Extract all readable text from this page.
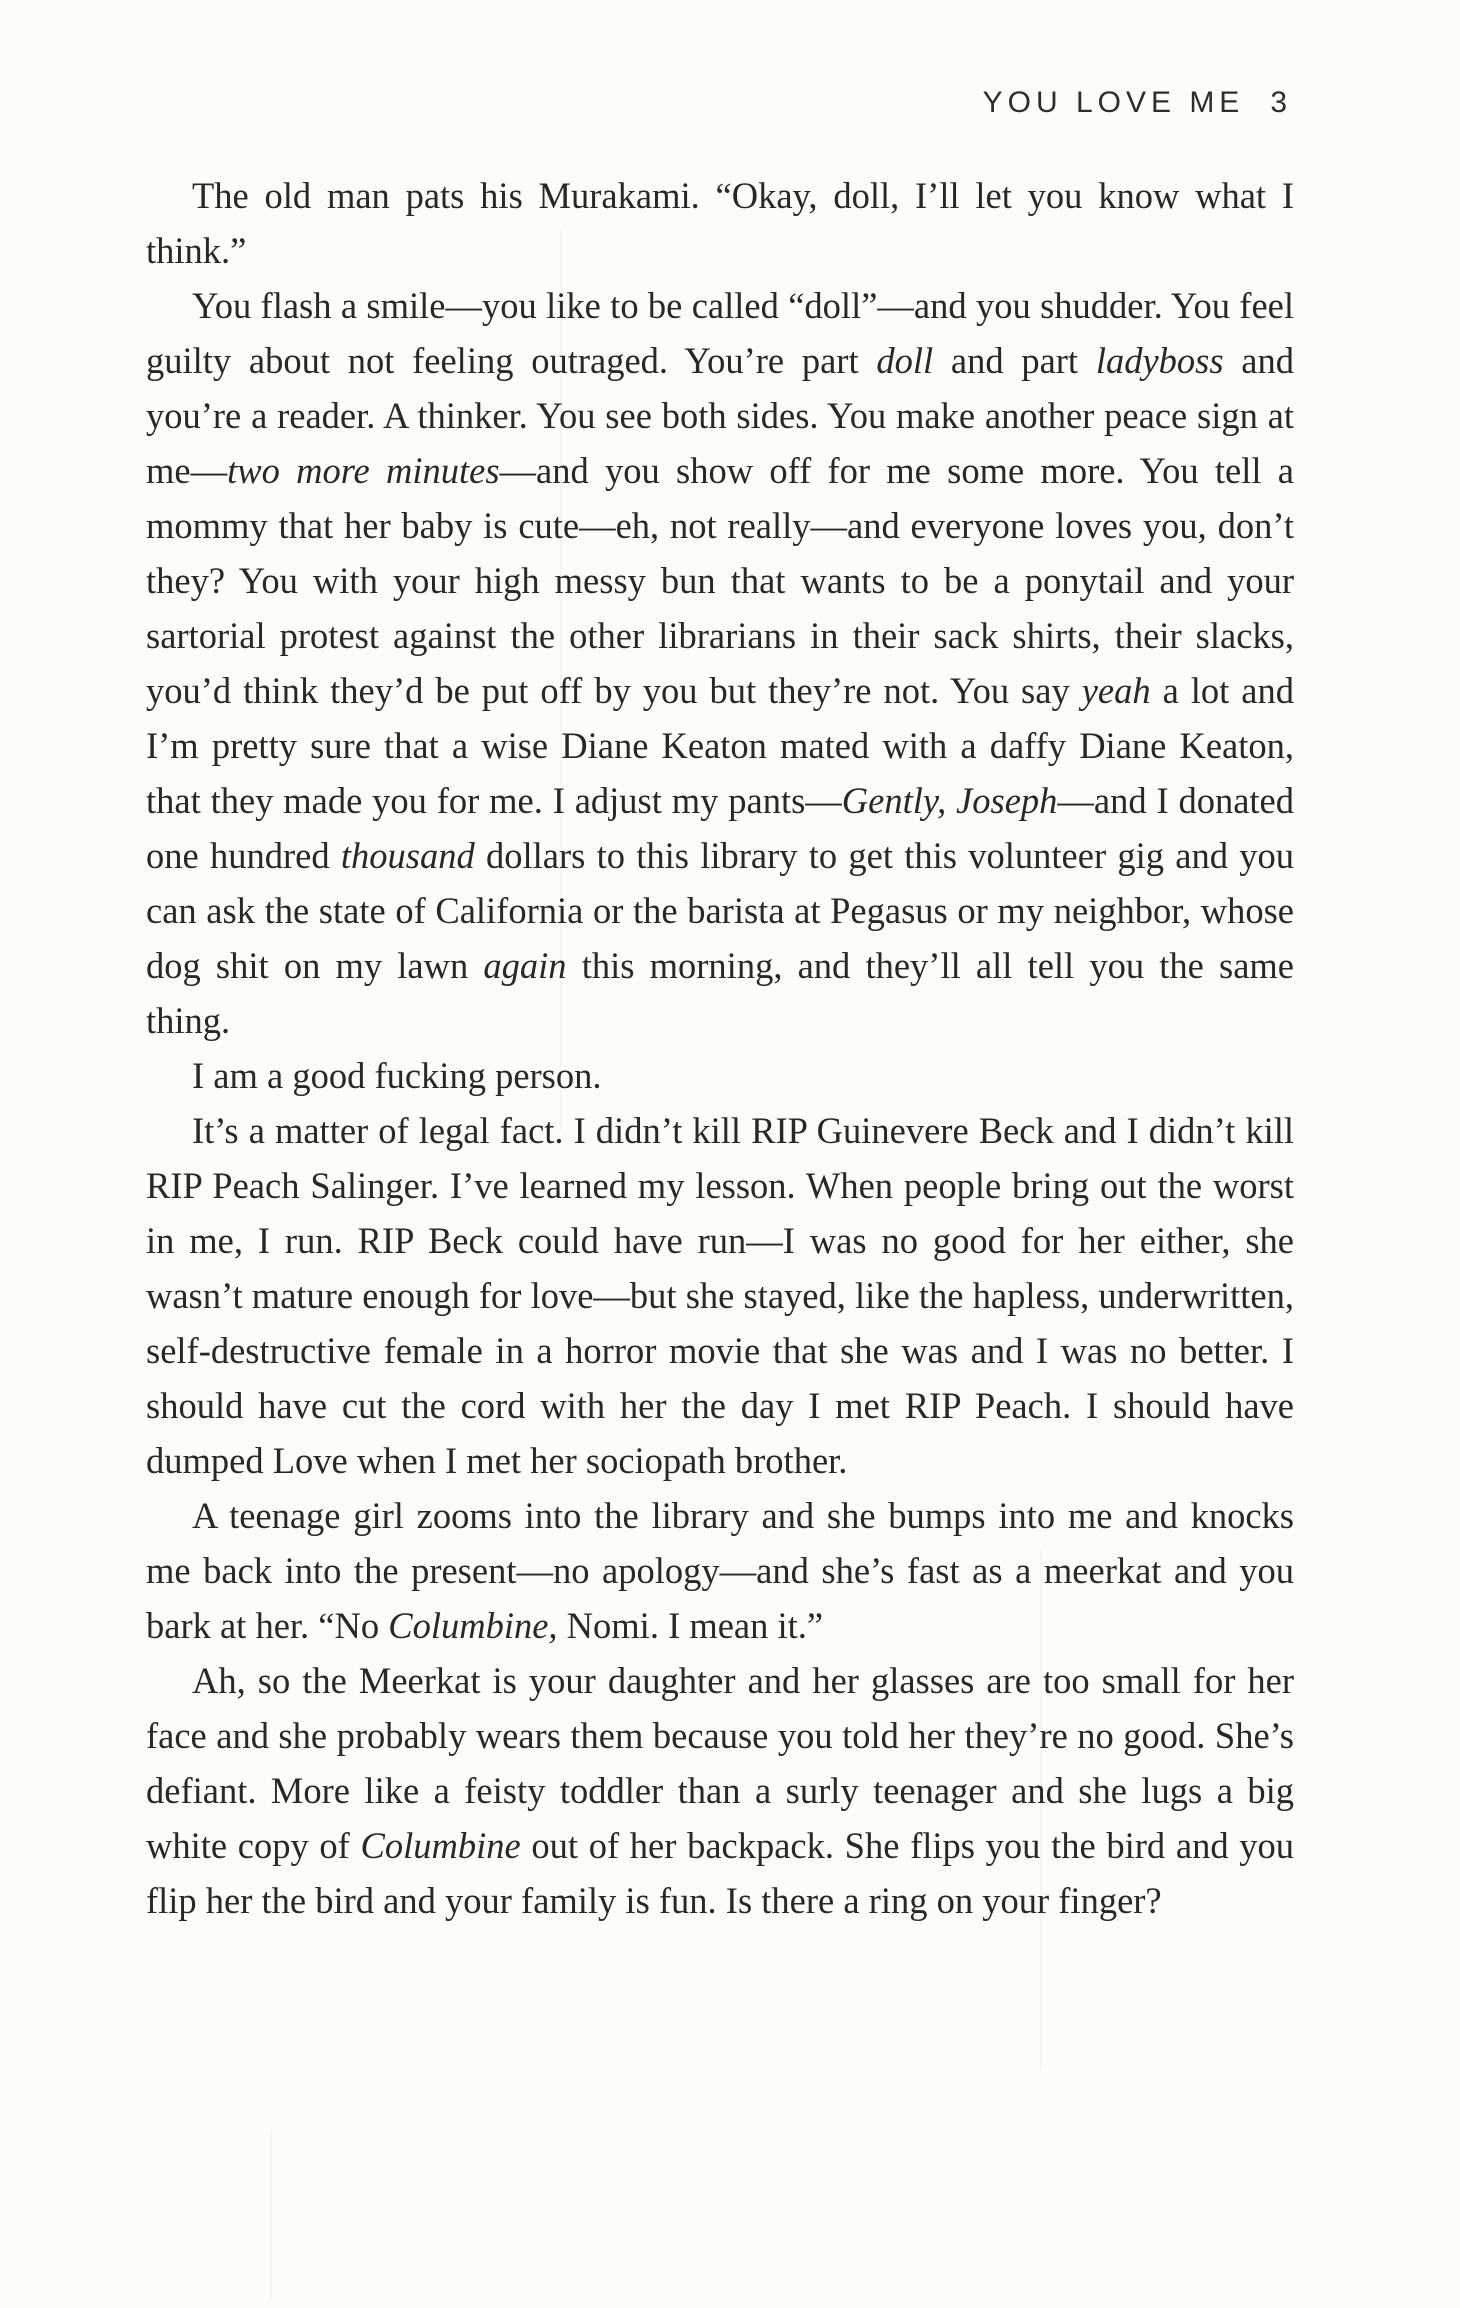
YOU LOVE ME 3

The old man pats his Murakami. “Okay, doll, I’ll let you know what I think.”

You flash a smile—you like to be called “doll”—and you shudder. You feel guilty about not feeling outraged. You’re part doll and part ladyboss and you’re a reader. A thinker. You see both sides. You make another peace sign at me—two more minutes—and you show off for me some more. You tell a mommy that her baby is cute—eh, not really—and everyone loves you, don’t they? You with your high messy bun that wants to be a ponytail and your sartorial protest against the other librarians in their sack shirts, their slacks, you’d think they’d be put off by you but they’re not. You say yeah a lot and I’m pretty sure that a wise Diane Keaton mated with a daffy Diane Keaton, that they made you for me. I adjust my pants—Gently, Joseph—and I donated one hundred thousand dollars to this library to get this volunteer gig and you can ask the state of California or the barista at Pegasus or my neighbor, whose dog shit on my lawn again this morning, and they’ll all tell you the same thing.

I am a good fucking person.

It’s a matter of legal fact. I didn’t kill RIP Guinevere Beck and I didn’t kill RIP Peach Salinger. I’ve learned my lesson. When people bring out the worst in me, I run. RIP Beck could have run—I was no good for her either, she wasn’t mature enough for love—but she stayed, like the hapless, underwritten, self-destructive female in a horror movie that she was and I was no better. I should have cut the cord with her the day I met RIP Peach. I should have dumped Love when I met her sociopath brother.

A teenage girl zooms into the library and she bumps into me and knocks me back into the present—no apology—and she’s fast as a meerkat and you bark at her. “No Columbine, Nomi. I mean it.”

Ah, so the Meerkat is your daughter and her glasses are too small for her face and she probably wears them because you told her they’re no good. She’s defiant. More like a feisty toddler than a surly teenager and she lugs a big white copy of Columbine out of her backpack. She flips you the bird and you flip her the bird and your family is fun. Is there a ring on your finger?
